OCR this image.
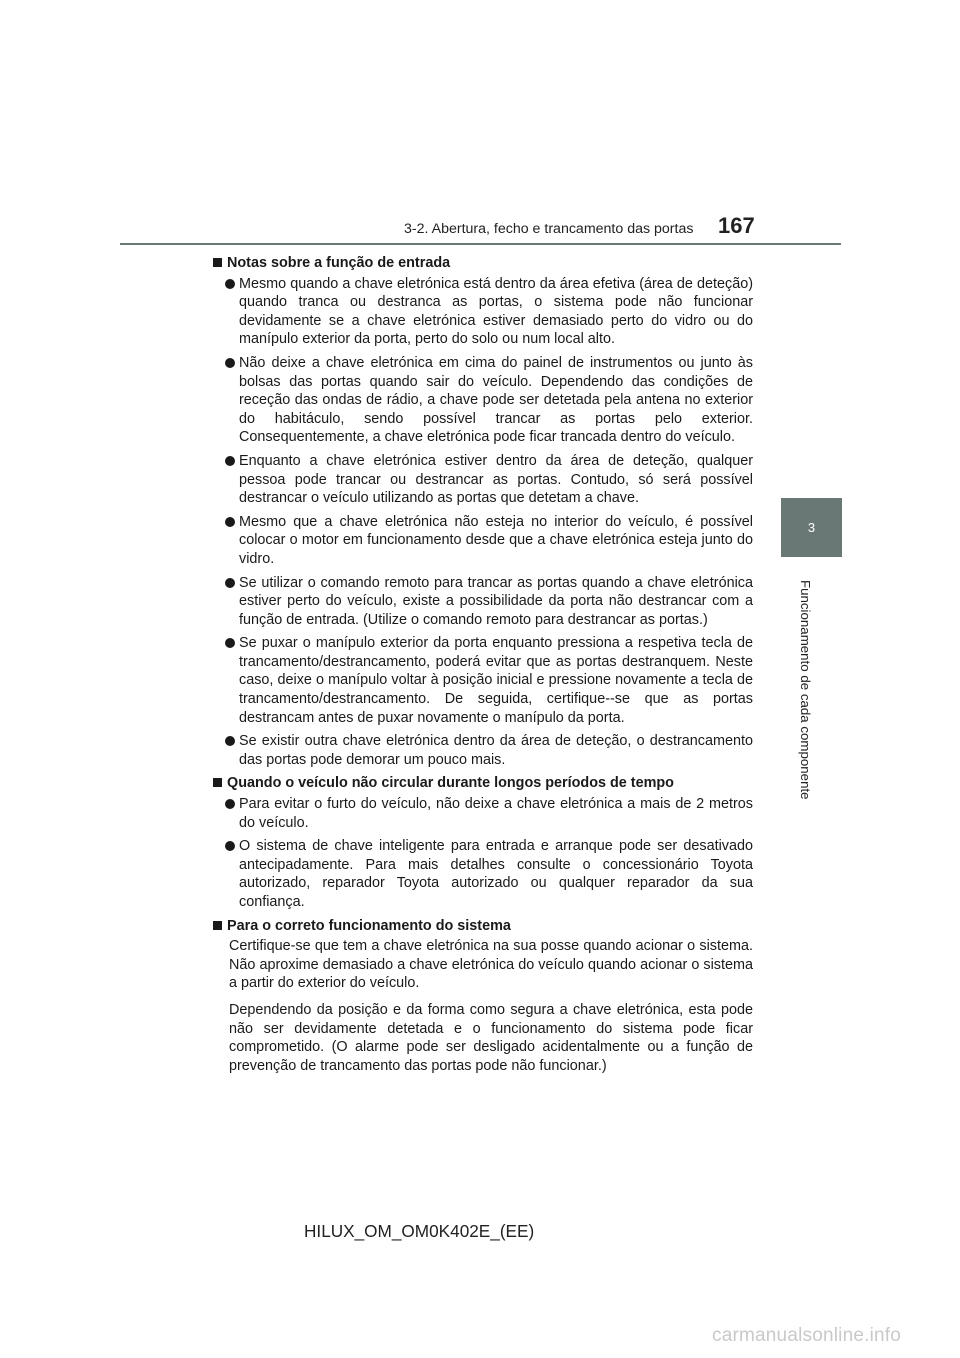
3-2. Abertura, fecho e trancamento das portas 167
3
Funcionamento de cada componente
Notas sobre a função de entrada
Mesmo quando a chave eletrónica está dentro da área efetiva (área de deteção) quando tranca ou destranca as portas, o sistema pode não funcionar devidamente se a chave eletrónica estiver demasiado perto do vidro ou do manípulo exterior da porta, perto do solo ou num local alto.
Não deixe a chave eletrónica em cima do painel de instrumentos ou junto às bolsas das portas quando sair do veículo. Dependendo das condições de receção das ondas de rádio, a chave pode ser detetada pela antena no exterior do habitáculo, sendo possível trancar as portas pelo exterior. Consequentemente, a chave eletrónica pode ficar trancada dentro do veículo.
Enquanto a chave eletrónica estiver dentro da área de deteção, qualquer pessoa pode trancar ou destrancar as portas. Contudo, só será possível destrancar o veículo utilizando as portas que detetam a chave.
Mesmo que a chave eletrónica não esteja no interior do veículo, é possível colocar o motor em funcionamento desde que a chave eletrónica esteja junto do vidro.
Se utilizar o comando remoto para trancar as portas quando a chave eletrónica estiver perto do veículo, existe a possibilidade da porta não destrancar com a função de entrada. (Utilize o comando remoto para destrancar as portas.)
Se puxar o manípulo exterior da porta enquanto pressiona a respetiva tecla de trancamento/destrancamento, poderá evitar que as portas destranquem. Neste caso, deixe o manípulo voltar à posição inicial e pressione novamente a tecla de trancamento/destrancamento. De seguida, certifique--se que as portas destrancam antes de puxar novamente o manípulo da porta.
Se existir outra chave eletrónica dentro da área de deteção, o destrancamento das portas pode demorar um pouco mais.
Quando o veículo não circular durante longos períodos de tempo
Para evitar o furto do veículo, não deixe a chave eletrónica a mais de 2 metros do veículo.
O sistema de chave inteligente para entrada e arranque pode ser desativado antecipadamente. Para mais detalhes consulte o concessionário Toyota autorizado, reparador Toyota autorizado ou qualquer reparador da sua confiança.
Para o correto funcionamento do sistema
Certifique-se que tem a chave eletrónica na sua posse quando acionar o sistema. Não aproxime demasiado a chave eletrónica do veículo quando acionar o sistema a partir do exterior do veículo.
Dependendo da posição e da forma como segura a chave eletrónica, esta pode não ser devidamente detetada e o funcionamento do sistema pode ficar comprometido. (O alarme pode ser desligado acidentalmente ou a função de prevenção de trancamento das portas pode não funcionar.)
HILUX_OM_OM0K402E_(EE)
carmanualsonline.info
